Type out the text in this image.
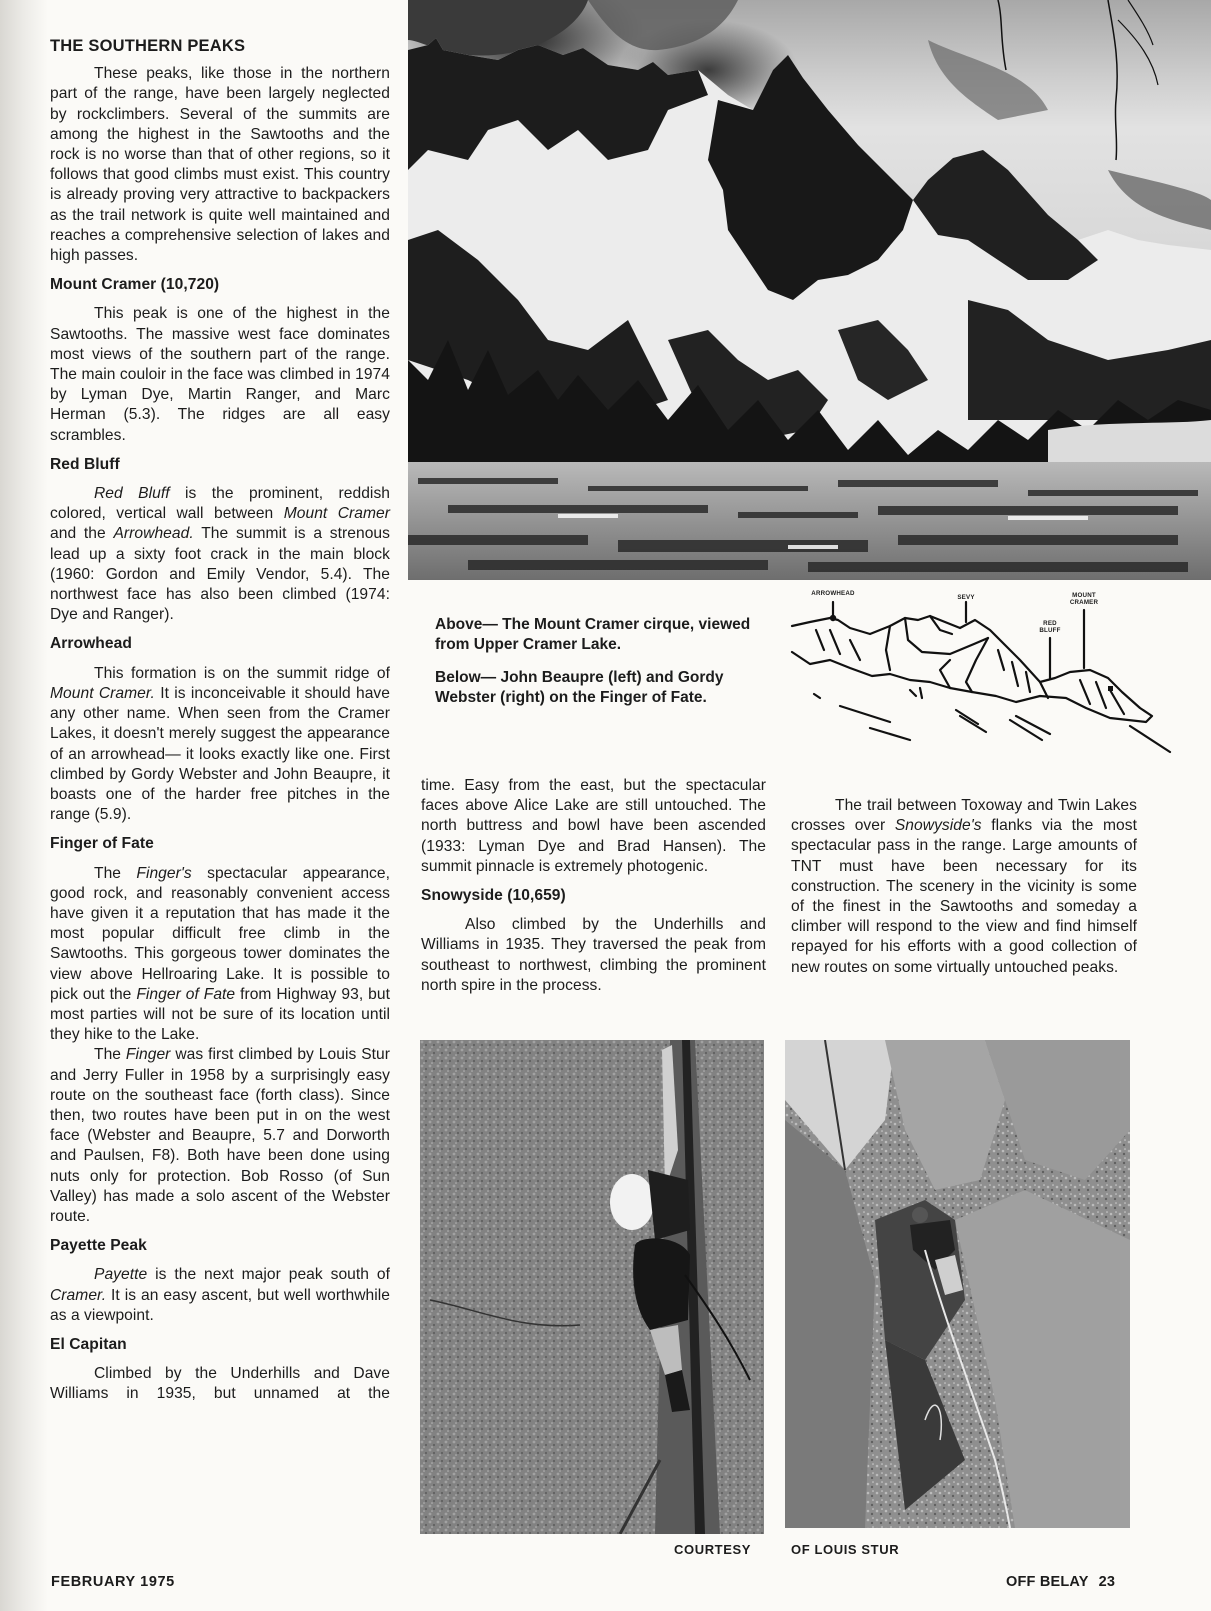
THE SOUTHERN PEAKS

These peaks, like those in the northern part of the range, have been largely neglected by rockclimbers. Several of the summits are among the highest in the Sawtooths and the rock is no worse than that of other regions, so it follows that good climbs must exist. This country is already proving very attractive to backpackers as the trail network is quite well maintained and reaches a comprehensive selection of lakes and high passes.

Mount Cramer (10,720)

This peak is one of the highest in the Sawtooths. The massive west face dominates most views of the southern part of the range. The main couloir in the face was climbed in 1974 by Lyman Dye, Martin Ranger, and Marc Herman (5.3). The ridges are all easy scrambles.

Red Bluff

Red Bluff is the prominent, reddish colored, vertical wall between Mount Cramer and the Arrowhead. The summit is a strenous lead up a sixty foot crack in the main block (1960: Gordon and Emily Vendor, 5.4). The northwest face has also been climbed (1974: Dye and Ranger).

Arrowhead

This formation is on the summit ridge of Mount Cramer. It is inconceivable it should have any other name. When seen from the Cramer Lakes, it doesn't merely suggest the appearance of an arrowhead— it looks exactly like one. First climbed by Gordy Webster and John Beaupre, it boasts one of the harder free pitches in the range (5.9).

Finger of Fate

The Finger's spectacular appearance, good rock, and reasonably convenient access have given it a reputation that has made it the most popular difficult free climb in the Sawtooths. This gorgeous tower dominates the view above Hellroaring Lake. It is possible to pick out the Finger of Fate from Highway 93, but most parties will not be sure of its location until they hike to the Lake.

The Finger was first climbed by Louis Stur and Jerry Fuller in 1958 by a surprisingly easy route on the southeast face (forth class). Since then, two routes have been put in on the west face (Webster and Beaupre, 5.7 and Dorworth and Paulsen, F8). Both have been done using nuts only for protection. Bob Rosso (of Sun Valley) has made a solo ascent of the Webster route.

Payette Peak

Payette is the next major peak south of Cramer. It is an easy ascent, but well worthwhile as a viewpoint.

El Capitan

Climbed by the Underhills and Dave Williams in 1935, but unnamed at the

Above— The Mount Cramer cirque, viewed from Upper Cramer Lake.

Below— John Beaupre (left) and Gordy Webster (right) on the Finger of Fate.

ARROWHEAD
SEVY
RED
BLUFF
MOUNT
CRAMER

time. Easy from the east, but the spectacular faces above Alice Lake are still untouched. The north buttress and bowl have been ascended (1933: Lyman Dye and Brad Hansen). The summit pinnacle is extremely photogenic.

Snowyside (10,659)

Also climbed by the Underhills and Williams in 1935. They traversed the peak from southeast to northwest, climbing the prominent north spire in the process.

The trail between Toxoway and Twin Lakes crosses over Snowyside's flanks via the most spectacular pass in the range. Large amounts of TNT must have been necessary for its construction. The scenery in the vicinity is some of the finest in the Sawtooths and someday a climber will respond to the view and find himself repayed for his efforts with a good collection of new routes on some virtually untouched peaks.

COURTESY	OF LOUIS STUR
FEBRUARY 1975	OFF BELAY 23
